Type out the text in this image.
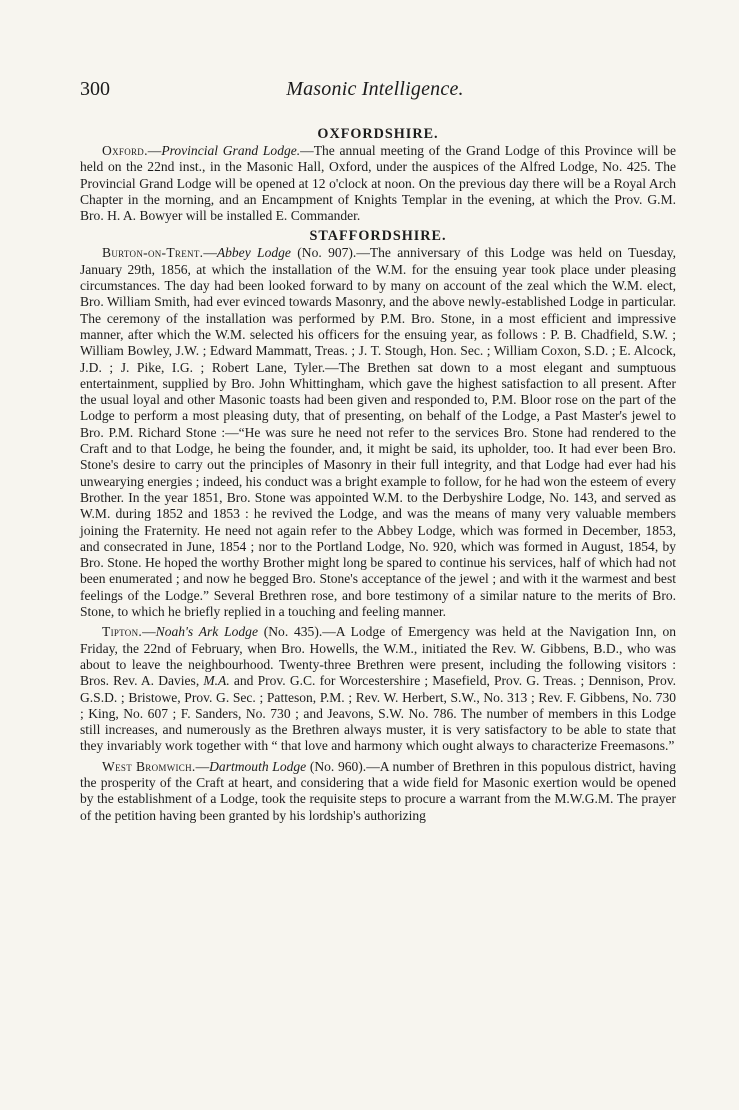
300	Masonic Intelligence.
OXFORDSHIRE.

Oxford.—Provincial Grand Lodge.—The annual meeting of the Grand Lodge of this Province will be held on the 22nd inst., in the Masonic Hall, Oxford, under the auspices of the Alfred Lodge, No. 425. The Provincial Grand Lodge will be opened at 12 o'clock at noon. On the previous day there will be a Royal Arch Chapter in the morning, and an Encampment of Knights Templar in the evening, at which the Prov. G.M. Bro. H. A. Bowyer will be installed E. Commander.

STAFFORDSHIRE.

Burton-on-Trent.—Abbey Lodge (No. 907).—The anniversary of this Lodge was held on Tuesday, January 29th, 1856, at which the installation of the W.M. for the ensuing year took place under pleasing circumstances. The day had been looked forward to by many on account of the zeal which the W.M. elect, Bro. William Smith, had ever evinced towards Masonry, and the above newly-established Lodge in particular. The ceremony of the installation was performed by P.M. Bro. Stone, in a most efficient and impressive manner, after which the W.M. selected his officers for the ensuing year, as follows : P. B. Chadfield, S.W. ; William Bowley, J.W. ; Edward Mammatt, Treas. ; J. T. Stough, Hon. Sec. ; William Coxon, S.D. ; E. Alcock, J.D. ; J. Pike, I.G. ; Robert Lane, Tyler.—The Brethen sat down to a most elegant and sumptuous entertainment, supplied by Bro. John Whittingham, which gave the highest satisfaction to all present. After the usual loyal and other Masonic toasts had been given and responded to, P.M. Bloor rose on the part of the Lodge to perform a most pleasing duty, that of presenting, on behalf of the Lodge, a Past Master's jewel to Bro. P.M. Richard Stone :—“He was sure he need not refer to the services Bro. Stone had rendered to the Craft and to that Lodge, he being the founder, and, it might be said, its upholder, too. It had ever been Bro. Stone's desire to carry out the principles of Masonry in their full integrity, and that Lodge had ever had his unwearying energies ; indeed, his conduct was a bright example to follow, for he had won the esteem of every Brother. In the year 1851, Bro. Stone was appointed W.M. to the Derbyshire Lodge, No. 143, and served as W.M. during 1852 and 1853 : he revived the Lodge, and was the means of many very valuable members joining the Fraternity. He need not again refer to the Abbey Lodge, which was formed in December, 1853, and consecrated in June, 1854 ; nor to the Portland Lodge, No. 920, which was formed in August, 1854, by Bro. Stone. He hoped the worthy Brother might long be spared to continue his services, half of which had not been enumerated ; and now he begged Bro. Stone's acceptance of the jewel ; and with it the warmest and best feelings of the Lodge.” Several Brethren rose, and bore testimony of a similar nature to the merits of Bro. Stone, to which he briefly replied in a touching and feeling manner.

Tipton.—Noah's Ark Lodge (No. 435).—A Lodge of Emergency was held at the Navigation Inn, on Friday, the 22nd of February, when Bro. Howells, the W.M., initiated the Rev. W. Gibbens, B.D., who was about to leave the neighbourhood. Twenty-three Brethren were present, including the following visitors : Bros. Rev. A. Davies, M.A. and Prov. G.C. for Worcestershire ; Masefield, Prov. G. Treas. ; Dennison, Prov. G.S.D. ; Bristowe, Prov. G. Sec. ; Patteson, P.M. ; Rev. W. Herbert, S.W., No. 313 ; Rev. F. Gibbens, No. 730 ; King, No. 607 ; F. Sanders, No. 730 ; and Jeavons, S.W. No. 786. The number of members in this Lodge still increases, and numerously as the Brethren always muster, it is very satisfactory to be able to state that they invariably work together with “ that love and harmony which ought always to characterize Freemasons.”

West Bromwich.—Dartmouth Lodge (No. 960).—A number of Brethren in this populous district, having the prosperity of the Craft at heart, and considering that a wide field for Masonic exertion would be opened by the establishment of a Lodge, took the requisite steps to procure a warrant from the M.W.G.M. The prayer of the petition having been granted by his lordship's authorizing
